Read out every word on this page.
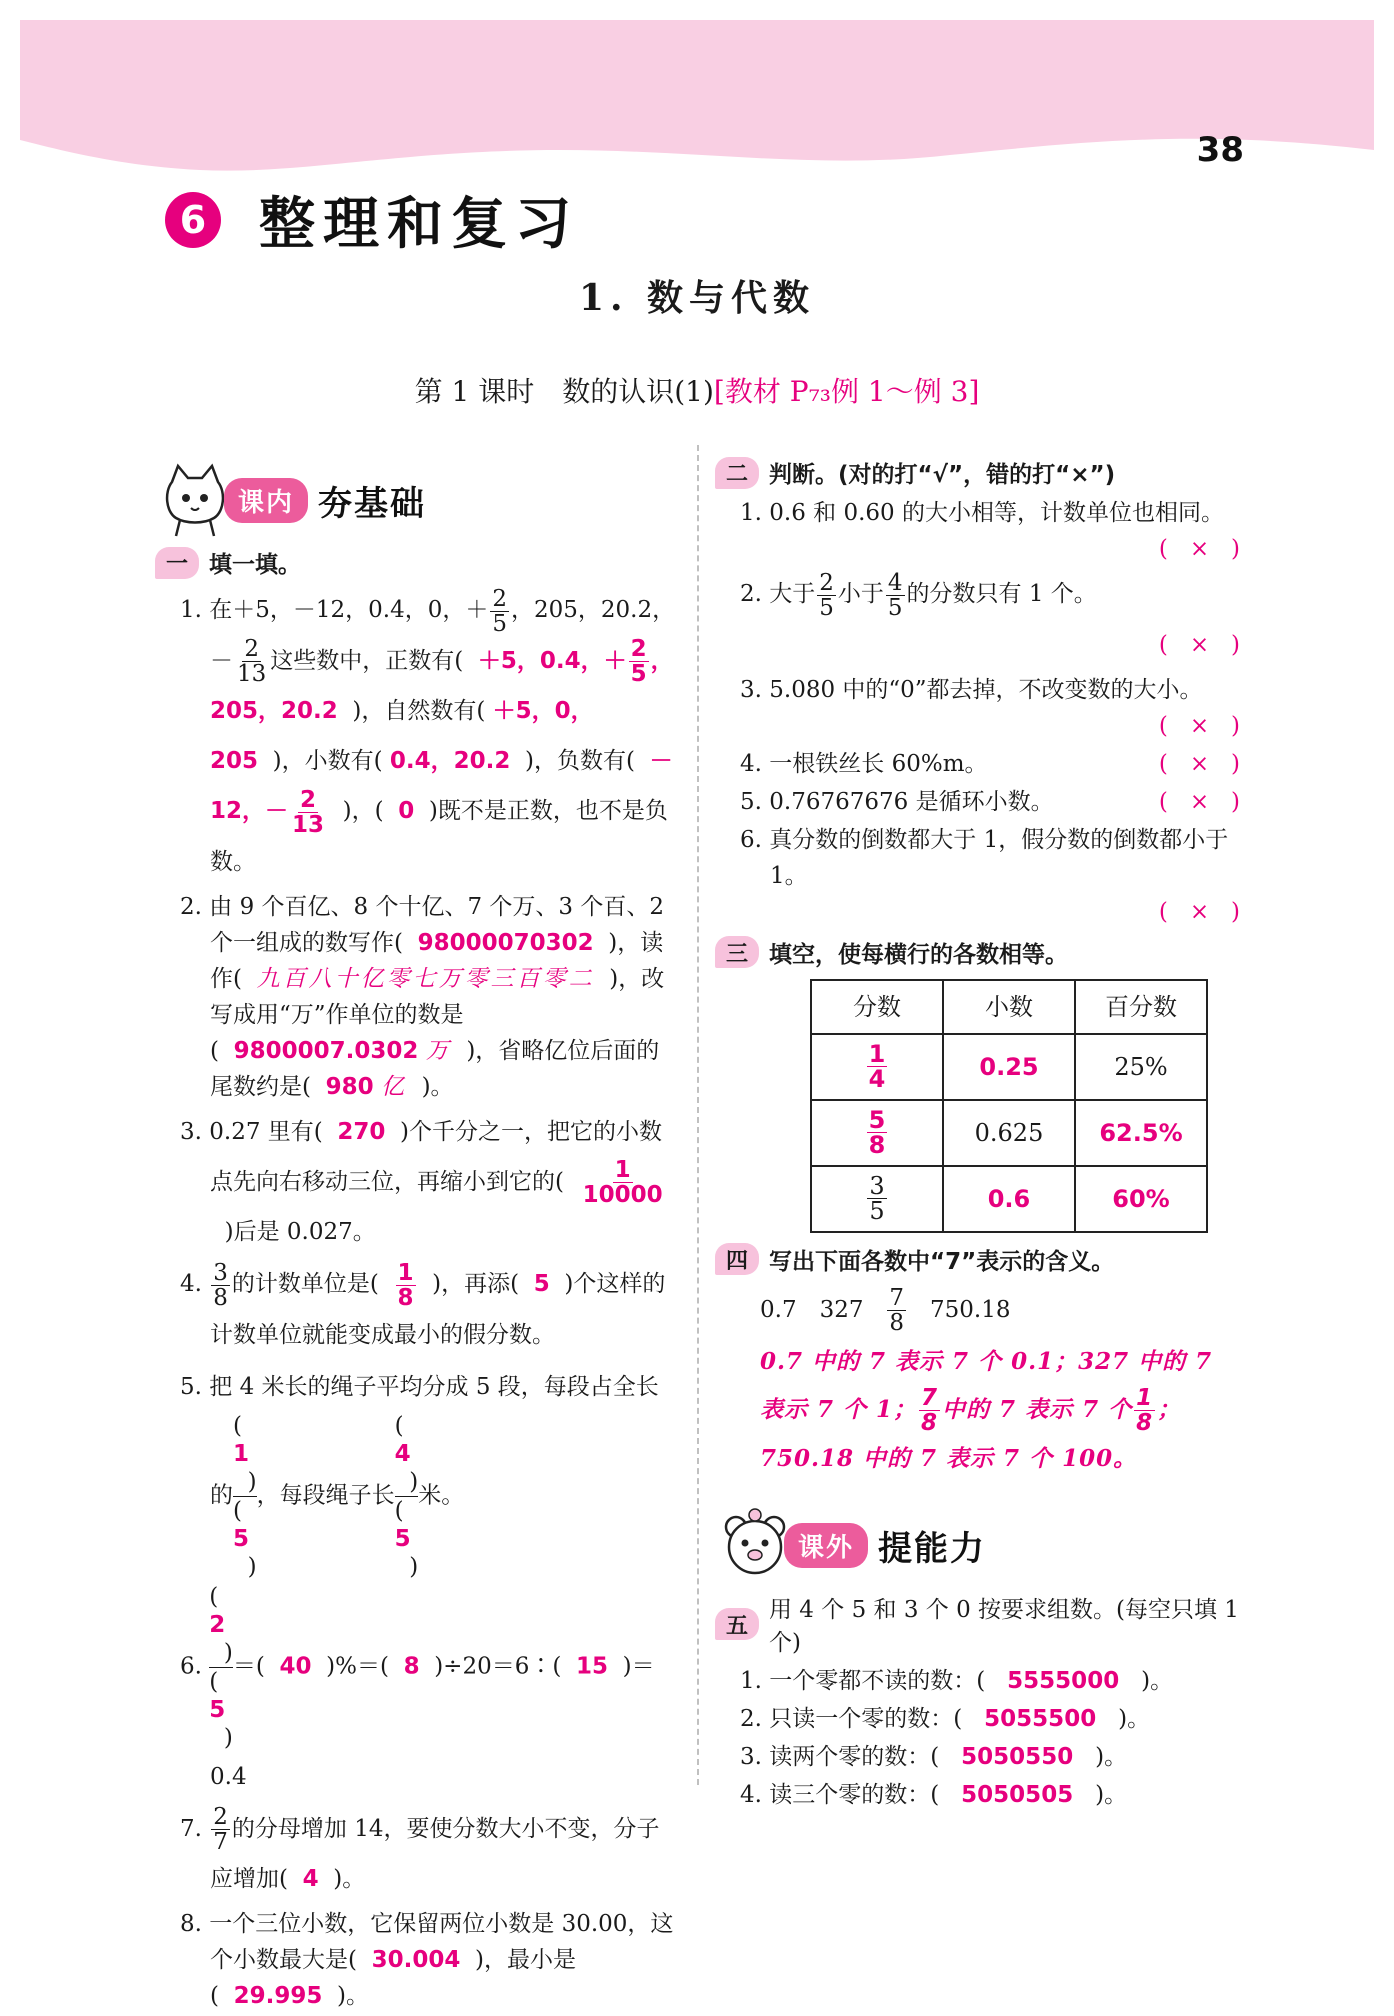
38
6 整理和复习
1. 数与代数
第 1 课时　数的认识(1)[教材 P₇₃例 1～例 3]
课内 夯基础
一 填一填。
1. 在＋5，－12，0.4，0，＋ $\frac{2}{5}$ ，205，20.2，－ $\frac{2}{13}$ 这些数中，正数有( ＋5，0.4，＋ $\frac{2}{5}$ ，205，20.2 )，自然数有( ＋5，0，205 )，小数有( 0.4，20.2 )，负数有( －12，－ $\frac{2}{13}$ )，( 0 )既不是正数，也不是负数。
2. 由 9 个百亿、8 个十亿、7 个万、3 个百、2 个一组成的数写作( 98000070302 )，读作( 九百八十亿零七万零三百零二 )，改写成用“万”作单位的数是( 9800007.0302 万 )，省略亿位后面的尾数约是( 980 亿 )。
3. 0.27 里有( 270 )个千分之一，把它的小数点先向右移动三位，再缩小到它的( $\frac{1}{10000}$
)后是 0.027。
4. $\frac{3}{8}$ 的计数单位是( $\frac{1}{8}$ )，再添( 5 )个这样的计数单位就能变成最小的假分数。
5. 把 4 米长的绳子平均分成 5 段，每段占全长的 (
1
)
(
5
) ，每段绳子长 (
4
)
(
5
) 米。
6. (
2
)
(
5
) ＝( 40 )%＝( 8 )÷20＝6∶( 15 )＝0.4
7. $\frac{2}{7}$ 的分母增加 14，要使分数大小不变，分子应增加( 4 )。
8. 一个三位小数，它保留两位小数是 30.00，这个小数最大是( 30.004 )，最小是( 29.995 )。
二 判断。(对的打“√”，错的打“×”)
1. 0.6 和 0.60 的大小相等，计数单位也相同。
(   ×   )
2. 大于 $\frac{2}{5}$ 小于 $\frac{4}{5}$ 的分数只有 1 个。
(   ×   )
3. 5.080 中的“0”都去掉，不改变数的大小。
(   ×   )
4. 一根铁丝长 60%m。	(   ×   )
5. 0.76767676 是循环小数。	(   ×   )
6. 真分数的倒数都大于 1，假分数的倒数都小于 1。
(   ×   )
三 填空，使每横行的各数相等。
分数	小数	百分数

$\frac{1}{4}$	0.25	25%

$\frac{5}{8}$	0.625	62.5%

$\frac{3}{5}$	0.6	60%
四 写出下面各数中“7”表示的含义。
0.7　$327 \frac{7}{8} 750.18$
0.7 中的 7 表示 7 个 0.1；327 中的 7 表示 7 个 1； $\frac{7}{8}$ 中的 7 表示 7 个 $\frac{1}{8}$ ；750.18 中的 7 表示 7 个 100。
课外 提能力
五
用 4 个 5 和 3 个 0 按要求组数。(每空只填 1 个)
1. 一个零都不读的数：( 5555000 )。
2. 只读一个零的数：( 5055500 )。
3. 读两个零的数：( 5050550 )。
4. 读三个零的数：( 5050505 )。
